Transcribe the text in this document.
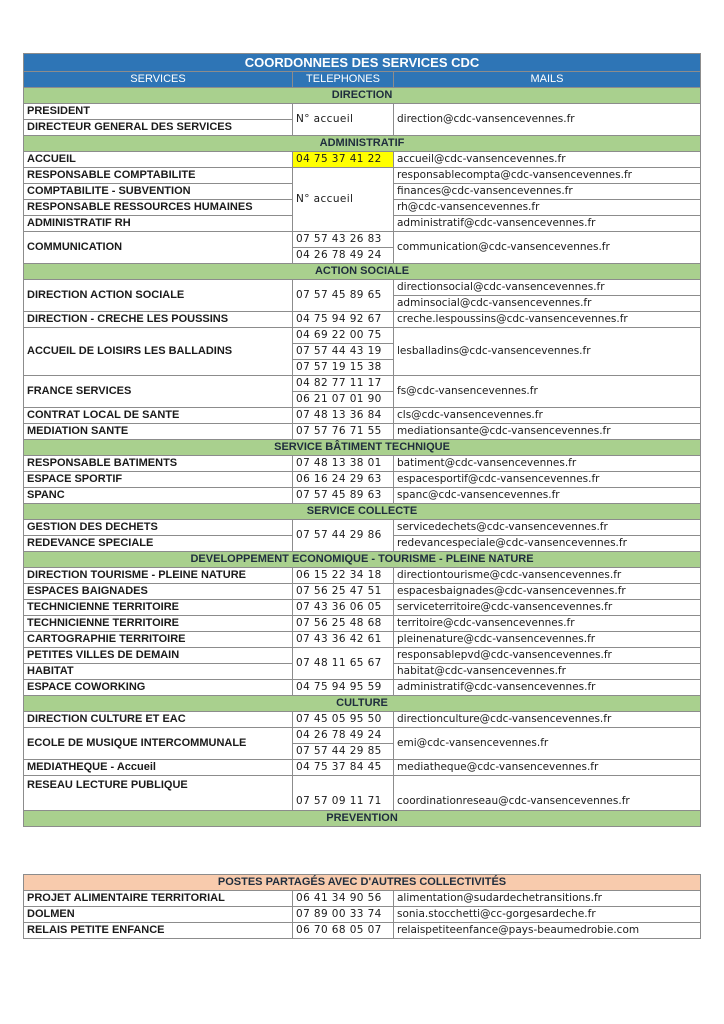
COORDONNEES DES SERVICES CDC		
SERVICES	TELEPHONES	MAILS
DIRECTION		
PRESIDENT	N° accueil	direction@cdc-vansencevennes.fr
DIRECTEUR GENERAL DES SERVICES		
ADMINISTRATIF		
ACCUEIL	04 75 37 41 22	accueil@cdc-vansencevennes.fr
RESPONSABLE COMPTABILITE	N° accueil	responsablecompta@cdc-vansencevennes.fr
COMPTABILITE - SUBVENTION		finances@cdc-vansencevennes.fr
RESPONSABLE RESSOURCES HUMAINES		rh@cdc-vansencevennes.fr
ADMINISTRATIF RH		administratif@cdc-vansencevennes.fr
COMMUNICATION	07 57 43 26 83	communication@cdc-vansencevennes.fr
	04 26 78 49 24	
ACTION SOCIALE		
DIRECTION ACTION SOCIALE	07 57 45 89 65	directionsocial@cdc-vansencevennes.fr
		adminsocial@cdc-vansencevennes.fr
DIRECTION - CRECHE LES POUSSINS	04 75 94 92 67	creche.lespoussins@cdc-vansencevennes.fr
ACCUEIL DE LOISIRS LES BALLADINS	04 69 22 00 75	lesballadins@cdc-vansencevennes.fr
	07 57 44 43 19	
	07 57 19 15 38	
FRANCE SERVICES	04 82 77 11 17	fs@cdc-vansencevennes.fr
	06 21 07 01 90	
CONTRAT LOCAL DE SANTE	07 48 13 36 84	cls@cdc-vansencevennes.fr
MEDIATION SANTE	07 57 76 71 55	mediationsante@cdc-vansencevennes.fr
SERVICE BÂTIMENT TECHNIQUE		
RESPONSABLE BATIMENTS	07 48 13 38 01	batiment@cdc-vansencevennes.fr
ESPACE SPORTIF	06 16 24 29 63	espacesportif@cdc-vansencevennes.fr
SPANC	07 57 45 89 63	spanc@cdc-vansencevennes.fr
SERVICE COLLECTE		
GESTION DES DECHETS	07 57 44 29 86	servicedechets@cdc-vansencevennes.fr
REDEVANCE SPECIALE		redevancespeciale@cdc-vansencevennes.fr
DEVELOPPEMENT ECONOMIQUE - TOURISME - PLEINE NATURE		
DIRECTION TOURISME - PLEINE NATURE	06 15 22 34 18	directiontourisme@cdc-vansencevennes.fr
ESPACES BAIGNADES	07 56 25 47 51	espacesbaignades@cdc-vansencevennes.fr
TECHNICIENNE TERRITOIRE	07 43 36 06 05	serviceterritoire@cdc-vansencevennes.fr
TECHNICIENNE TERRITOIRE	07 56 25 48 68	territoire@cdc-vansencevennes.fr
CARTOGRAPHIE TERRITOIRE	07 43 36 42 61	pleinenature@cdc-vansencevennes.fr
PETITES VILLES DE DEMAIN	07 48 11 65 67	responsablepvd@cdc-vansencevennes.fr
HABITAT		habitat@cdc-vansencevennes.fr
ESPACE COWORKING	04 75 94 95 59	administratif@cdc-vansencevennes.fr
CULTURE		
DIRECTION CULTURE ET EAC	07 45 05 95 50	directionculture@cdc-vansencevennes.fr
ECOLE DE MUSIQUE INTERCOMMUNALE	04 26 78 49 24	emi@cdc-vansencevennes.fr
	07 57 44 29 85	
MEDIATHEQUE - Accueil	04 75 37 84 45	mediatheque@cdc-vansencevennes.fr
RESEAU LECTURE PUBLIQUE	07 57 09 11 71	coordinationreseau@cdc-vansencevennes.fr
PREVENTION		
POSTES PARTAGÉS AVEC D'AUTRES COLLECTIVITÉS		
PROJET ALIMENTAIRE TERRITORIAL	06 41 34 90 56	alimentation@sudardechetransitions.fr
DOLMEN	07 89 00 33 74	sonia.stocchetti@cc-gorgesardeche.fr
RELAIS PETITE ENFANCE	06 70 68 05 07	relaispetiteenfance@pays-beaumedrobie.com
